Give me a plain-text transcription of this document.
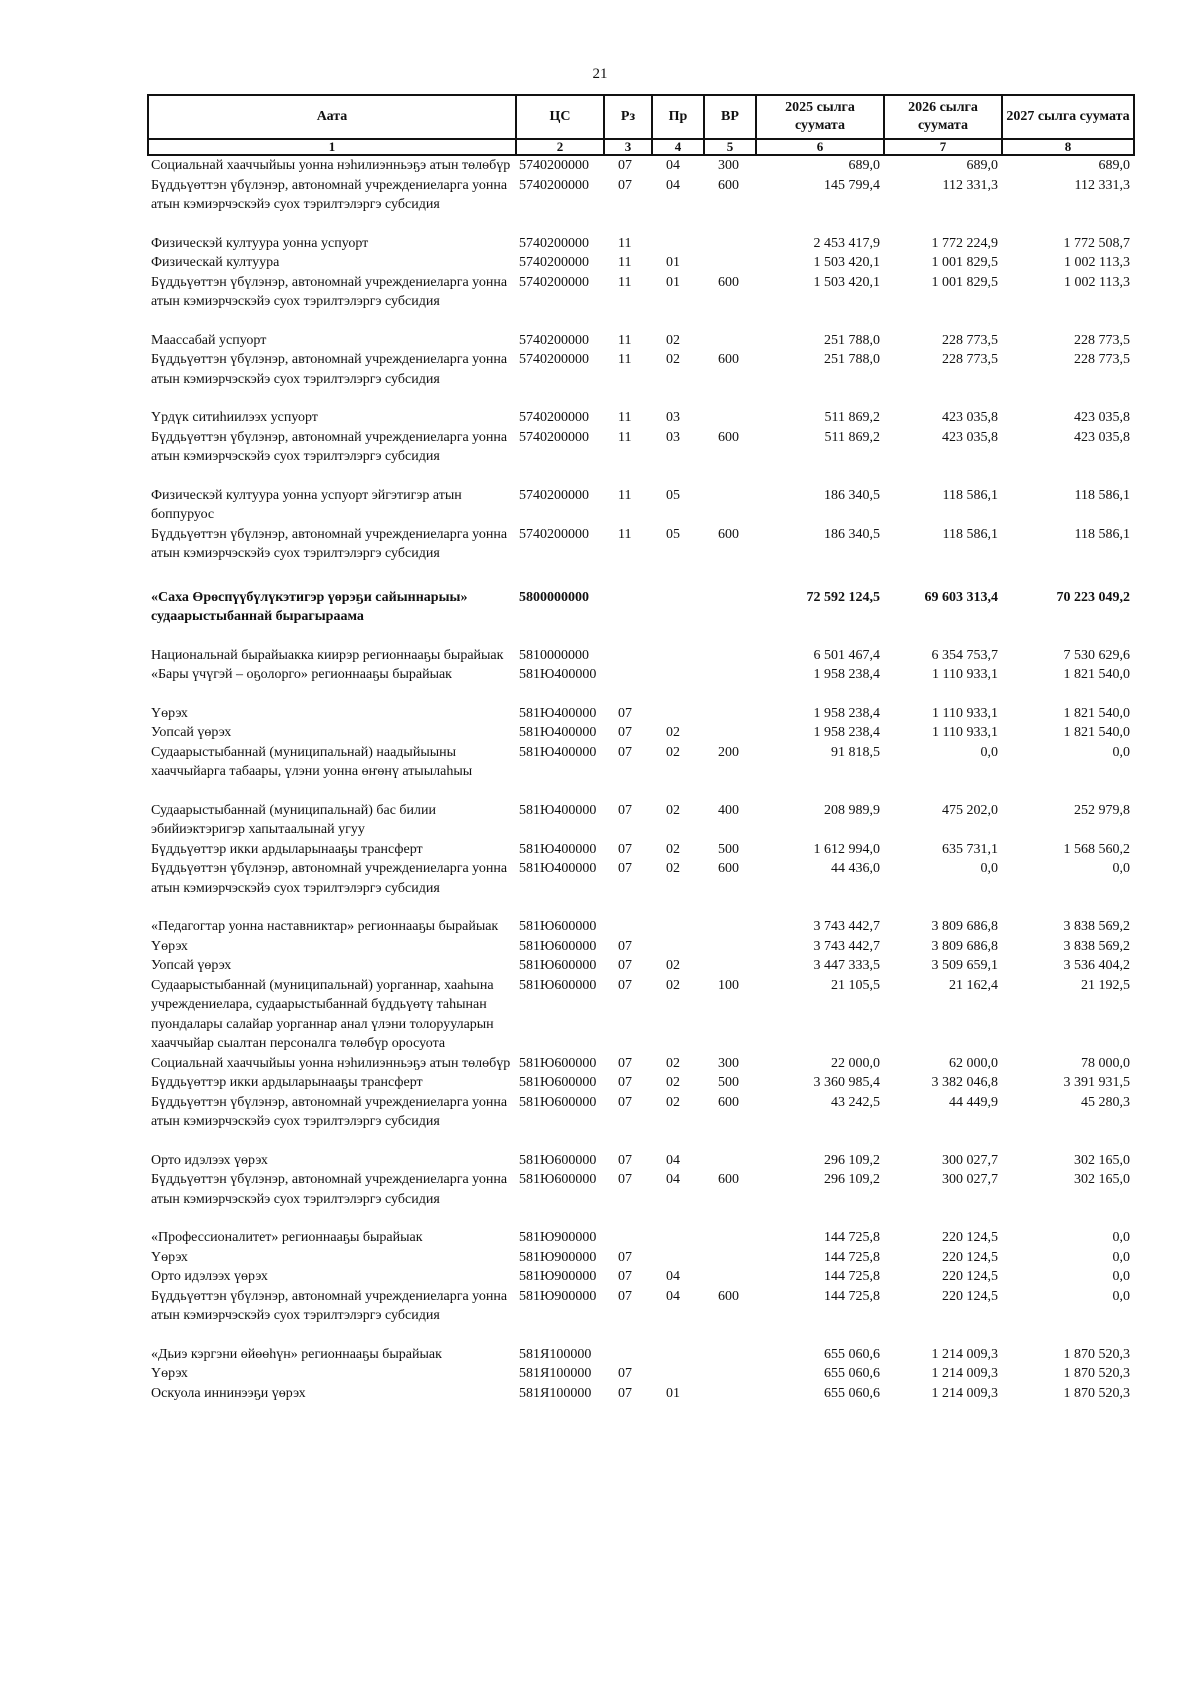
21
Аата	ЦС	Рз	Пр	ВР	2025 сылга суумата	2026 сылга суумата	2027 сылга суумата
1	2	3	4	5	6	7	8
Социальнай хааччыйыы уонна нэһилиэнньэҕэ атын төлөбүр	5740200000	07	04	300	689,0	689,0	689,0
Бүддьүөттэн үбүлэнэр, автономнай учреждениеларга уонна атын кэмиэрчэскэйэ суох тэрилтэлэргэ субсидия	5740200000	07	04	600	145 799,4	112 331,3	112 331,3

Физическэй култуура уонна успуорт	5740200000	11			2 453 417,9	1 772 224,9	1 772 508,7
Физическай култуура	5740200000	11	01		1 503 420,1	1 001 829,5	1 002 113,3
Бүддьүөттэн үбүлэнэр, автономнай учреждениеларга уонна атын кэмиэрчэскэйэ суох тэрилтэлэргэ субсидия	5740200000	11	01	600	1 503 420,1	1 001 829,5	1 002 113,3

Маассабай успуорт	5740200000	11	02		251 788,0	228 773,5	228 773,5
Бүддьүөттэн үбүлэнэр, автономнай учреждениеларга уонна атын кэмиэрчэскэйэ суох тэрилтэлэргэ субсидия	5740200000	11	02	600	251 788,0	228 773,5	228 773,5

Үрдүк ситиһиилээх успуорт	5740200000	11	03		511 869,2	423 035,8	423 035,8
Бүддьүөттэн үбүлэнэр, автономнай учреждениеларга уонна атын кэмиэрчэскэйэ суох тэрилтэлэргэ субсидия	5740200000	11	03	600	511 869,2	423 035,8	423 035,8

Физическэй култуура уонна успуорт эйгэтигэр атын боппуруос	5740200000	11	05		186 340,5	118 586,1	118 586,1
Бүддьүөттэн үбүлэнэр, автономнай учреждениеларга уонна атын кэмиэрчэскэйэ суох тэрилтэлэргэ субсидия	5740200000	11	05	600	186 340,5	118 586,1	118 586,1

«Саха Өрөспүүбүлүкэтигэр үөрэҕи сайыннарыы» судаарыстыбаннай бырагыраама	5800000000				72 592 124,5	69 603 313,4	70 223 049,2

Национальнай бырайыакка киирэр регионнааҕы бырайыак	5810000000				6 501 467,4	6 354 753,7	7 530 629,6
«Бары үчүгэй – оҕолорго» регионнааҕы бырайыак	581Ю400000				1 958 238,4	1 110 933,1	1 821 540,0

Үөрэх	581Ю400000	07			1 958 238,4	1 110 933,1	1 821 540,0
Уопсай үөрэх	581Ю400000	07	02		1 958 238,4	1 110 933,1	1 821 540,0
Судаарыстыбаннай (муниципальнай) наадыйыыны хааччыйарга табаары, үлэни уонна өҥөнү атыылаһыы	581Ю400000	07	02	200	91 818,5	0,0	0,0

Судаарыстыбаннай (муниципальнай) бас билии эбийиэктэригэр хапытаалынай угуу	581Ю400000	07	02	400	208 989,9	475 202,0	252 979,8
Бүддьүөттэр икки ардыларынааҕы трансферт	581Ю400000	07	02	500	1 612 994,0	635 731,1	1 568 560,2
Бүддьүөттэн үбүлэнэр, автономнай учреждениеларга уонна атын кэмиэрчэскэйэ суох тэрилтэлэргэ субсидия	581Ю400000	07	02	600	44 436,0	0,0	0,0

«Педагогтар уонна наставниктар» регионнааҕы бырайыак	581Ю600000				3 743 442,7	3 809 686,8	3 838 569,2
Үөрэх	581Ю600000	07			3 743 442,7	3 809 686,8	3 838 569,2
Уопсай үөрэх	581Ю600000	07	02		3 447 333,5	3 509 659,1	3 536 404,2
Судаарыстыбаннай (муниципальнай) уорганнар, хааһына учреждениелара, судаарыстыбаннай бүддьүөтү таһынан пуондалары салайар уорганнар анал үлэни толорууларын хааччыйар сыалтан персоналга төлөбүр оросуота	581Ю600000	07	02	100	21 105,5	21 162,4	21 192,5
Социальнай хааччыйыы уонна нэһилиэнньэҕэ атын төлөбүр	581Ю600000	07	02	300	22 000,0	62 000,0	78 000,0
Бүддьүөттэр икки ардыларынааҕы трансферт	581Ю600000	07	02	500	3 360 985,4	3 382 046,8	3 391 931,5
Бүддьүөттэн үбүлэнэр, автономнай учреждениеларга уонна атын кэмиэрчэскэйэ суох тэрилтэлэргэ субсидия	581Ю600000	07	02	600	43 242,5	44 449,9	45 280,3

Орто идэлээх үөрэх	581Ю600000	07	04		296 109,2	300 027,7	302 165,0
Бүддьүөттэн үбүлэнэр, автономнай учреждениеларга уонна атын кэмиэрчэскэйэ суох тэрилтэлэргэ субсидия	581Ю600000	07	04	600	296 109,2	300 027,7	302 165,0

«Профессионалитет» регионнааҕы бырайыак	581Ю900000				144 725,8	220 124,5	0,0
Үөрэх	581Ю900000	07			144 725,8	220 124,5	0,0
Орто идэлээх үөрэх	581Ю900000	07	04		144 725,8	220 124,5	0,0
Бүддьүөттэн үбүлэнэр, автономнай учреждениеларга уонна атын кэмиэрчэскэйэ суох тэрилтэлэргэ субсидия	581Ю900000	07	04	600	144 725,8	220 124,5	0,0

«Дьиэ кэргэни өйөөһүн» регионнааҕы бырайыак	581Я100000				655 060,6	1 214 009,3	1 870 520,3
Үөрэх	581Я100000	07			655 060,6	1 214 009,3	1 870 520,3
Оскуола иннинээҕи үөрэх	581Я100000	07	01		655 060,6	1 214 009,3	1 870 520,3
